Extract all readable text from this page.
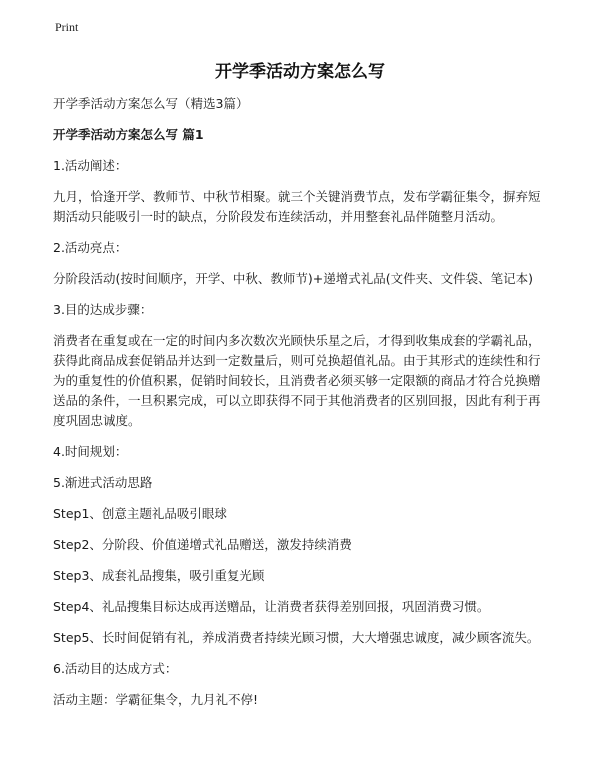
Print
开学季活动方案怎么写

开学季活动方案怎么写（精选3篇）

开学季活动方案怎么写 篇1

1.活动阐述：

九月，恰逢开学、教师节、中秋节相聚。就三个关键消费节点，发布学霸征集令，摒弃短期活动只能吸引一时的缺点，分阶段发布连续活动，并用整套礼品伴随整月活动。

2.活动亮点：

分阶段活动(按时间顺序，开学、中秋、教师节)+递增式礼品(文件夹、文件袋、笔记本)

3.目的达成步骤：

消费者在重复或在一定的时间内多次数次光顾快乐星之后，才得到收集成套的学霸礼品，获得此商品成套促销品并达到一定数量后，则可兑换超值礼品。由于其形式的连续性和行为的重复性的价值积累，促销时间较长，且消费者必须买够一定限额的商品才符合兑换赠送品的条件，一旦积累完成，可以立即获得不同于其他消费者的区别回报，因此有利于再度巩固忠诚度。

4.时间规划：

5.渐进式活动思路

Step1、创意主题礼品吸引眼球

Step2、分阶段、价值递增式礼品赠送，激发持续消费

Step3、成套礼品搜集，吸引重复光顾

Step4、礼品搜集目标达成再送赠品，让消费者获得差别回报，巩固消费习惯。

Step5、长时间促销有礼，养成消费者持续光顾习惯，大大增强忠诚度，减少顾客流失。

6.活动目的达成方式：

活动主题：学霸征集令，九月礼不停!
